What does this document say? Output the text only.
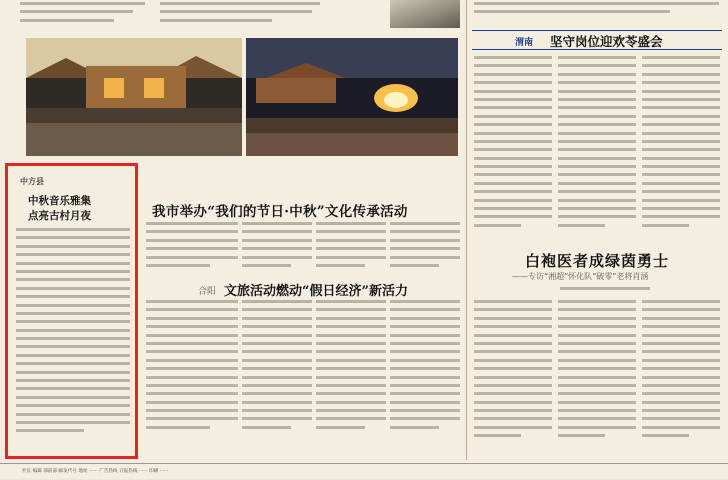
我市举办“我们的节日·中秋”文化传承活动
中方县
中秋音乐雅集
点亮古村月夜
合阳 文旅活动燃动“假日经济”新活力
渭南 坚守岗位迎欢苓盛会
白袍医者成绿茵勇士
——专访“湘超”怀化队“破零”老将肖涵
社长 编辑 部前部 邮发代号 地址 ······ 广告热线 订报热线 ······ 印刷 ······
